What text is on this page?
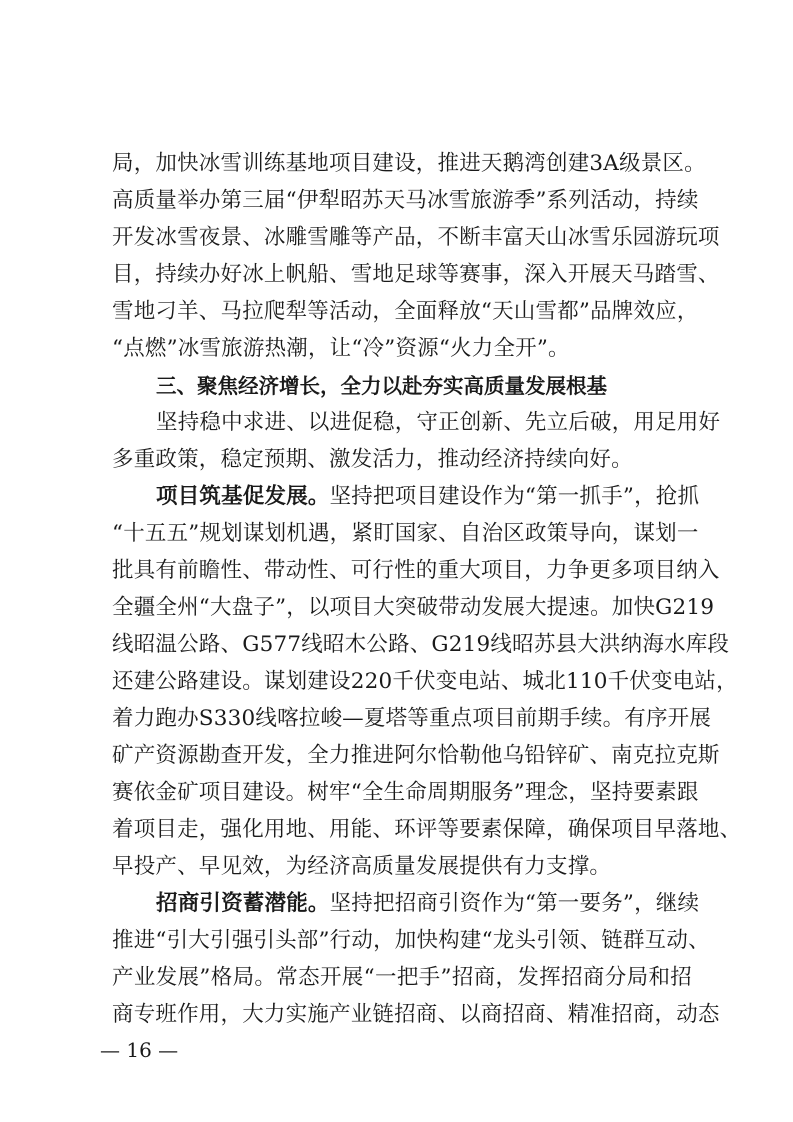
局，加快冰雪训练基地项目建设，推进天鹅湾创建3A级景区。
高质量举办第三届“伊犁昭苏天马冰雪旅游季”系列活动，持续
开发冰雪夜景、冰雕雪雕等产品，不断丰富天山冰雪乐园游玩项
目，持续办好冰上帆船、雪地足球等赛事，深入开展天马踏雪、
雪地刁羊、马拉爬犁等活动，全面释放“天山雪都”品牌效应，
“点燃”冰雪旅游热潮，让“冷”资源“火力全开”。
三、聚焦经济增长，全力以赴夯实高质量发展根基
坚持稳中求进、以进促稳，守正创新、先立后破，用足用好
多重政策，稳定预期、激发活力，推动经济持续向好。
项目筑基促发展。坚持把项目建设作为“第一抓手”，抢抓
“十五五”规划谋划机遇，紧盯国家、自治区政策导向，谋划一
批具有前瞻性、带动性、可行性的重大项目，力争更多项目纳入
全疆全州“大盘子”，以项目大突破带动发展大提速。加快G219
线昭温公路、G577线昭木公路、G219线昭苏县大洪纳海水库段
还建公路建设。谋划建设220千伏变电站、城北110千伏变电站，
着力跑办S330线喀拉峻—夏塔等重点项目前期手续。有序开展
矿产资源勘查开发，全力推进阿尔恰勒他乌铅锌矿、南克拉克斯
赛依金矿项目建设。树牢“全生命周期服务”理念，坚持要素跟
着项目走，强化用地、用能、环评等要素保障，确保项目早落地、
早投产、早见效，为经济高质量发展提供有力支撑。
招商引资蓄潜能。坚持把招商引资作为“第一要务”，继续
推进“引大引强引头部”行动，加快构建“龙头引领、链群互动、
产业发展”格局。常态开展“一把手”招商，发挥招商分局和招
商专班作用，大力实施产业链招商、以商招商、精准招商，动态
— 16 —
